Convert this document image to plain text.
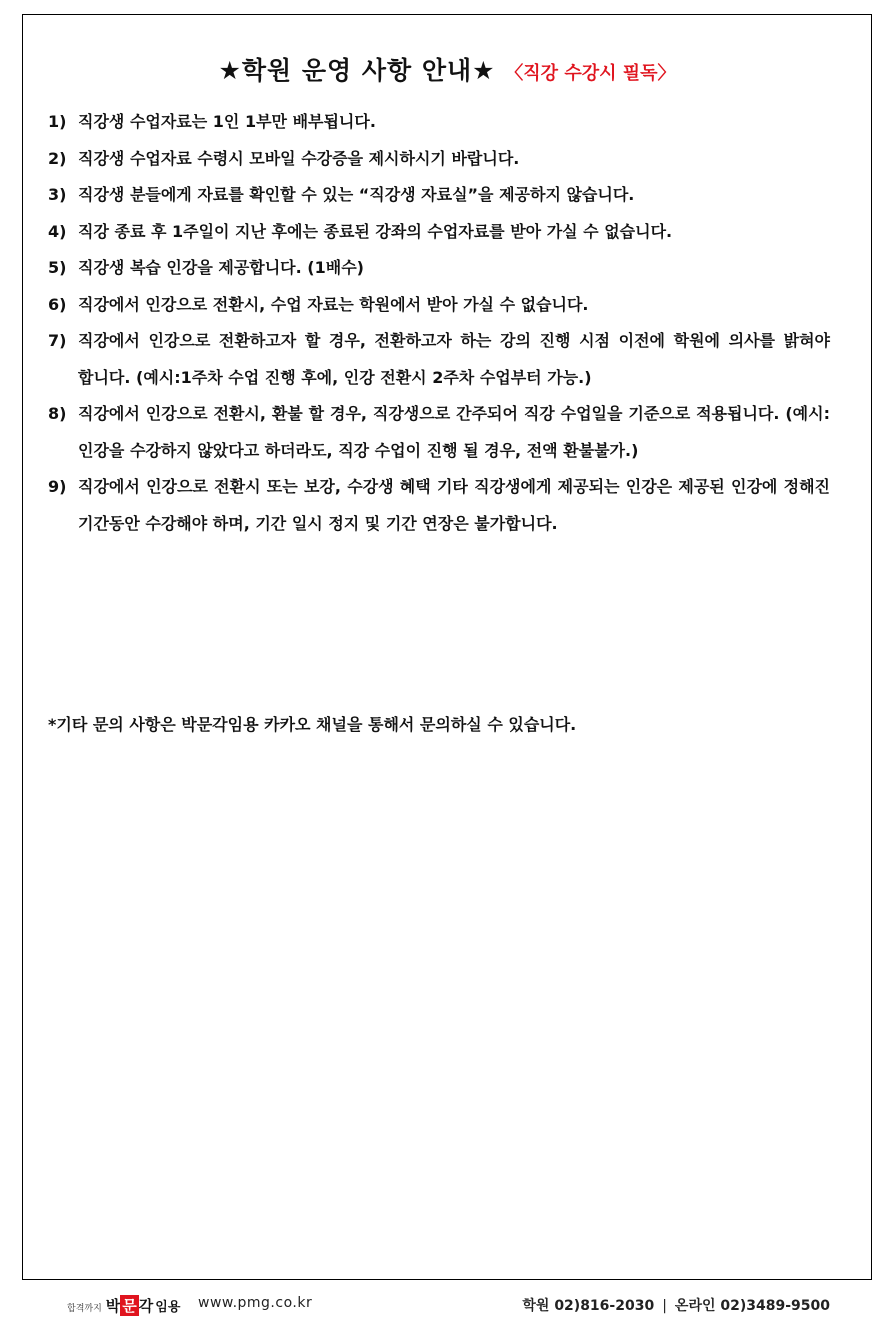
★학원 운영 사항 안내★ 〈직강 수강시 필독〉
1) 직강생 수업자료는 1인 1부만 배부됩니다.
2) 직강생 수업자료 수령시 모바일 수강증을 제시하시기 바랍니다.
3) 직강생 분들에게 자료를 확인할 수 있는 “직강생 자료실”을 제공하지 않습니다.
4) 직강 종료 후 1주일이 지난 후에는 종료된 강좌의 수업자료를 받아 가실 수 없습니다.
5) 직강생 복습 인강을 제공합니다. (1배수)
6) 직강에서 인강으로 전환시, 수업 자료는 학원에서 받아 가실 수 없습니다.
7) 직강에서 인강으로 전환하고자 할 경우, 전환하고자 하는 강의 진행 시점 이전에 학원에 의사를 밝혀야 합니다. (예시:1주차 수업 진행 후에, 인강 전환시 2주차 수업부터 가능.)
8) 직강에서 인강으로 전환시, 환불 할 경우, 직강생으로 간주되어 직강 수업일을 기준으로 적용됩니다. (예시:인강을 수강하지 않았다고 하더라도, 직강 수업이 진행 될 경우, 전액 환불불가.)
9) 직강에서 인강으로 전환시 또는 보강, 수강생 혜택 기타 직강생에게 제공되는 인강은 제공된 인강에 정해진 기간동안 수강해야 하며, 기간 일시 정지 및 기간 연장은 불가합니다.
*기타 문의 사항은 박문각임용 카카오 채널을 통해서 문의하실 수 있습니다.
합격까지 박 문 각 임용 www.pmg.co.kr	학원 02)816-2030 | 온라인 02)3489-9500
